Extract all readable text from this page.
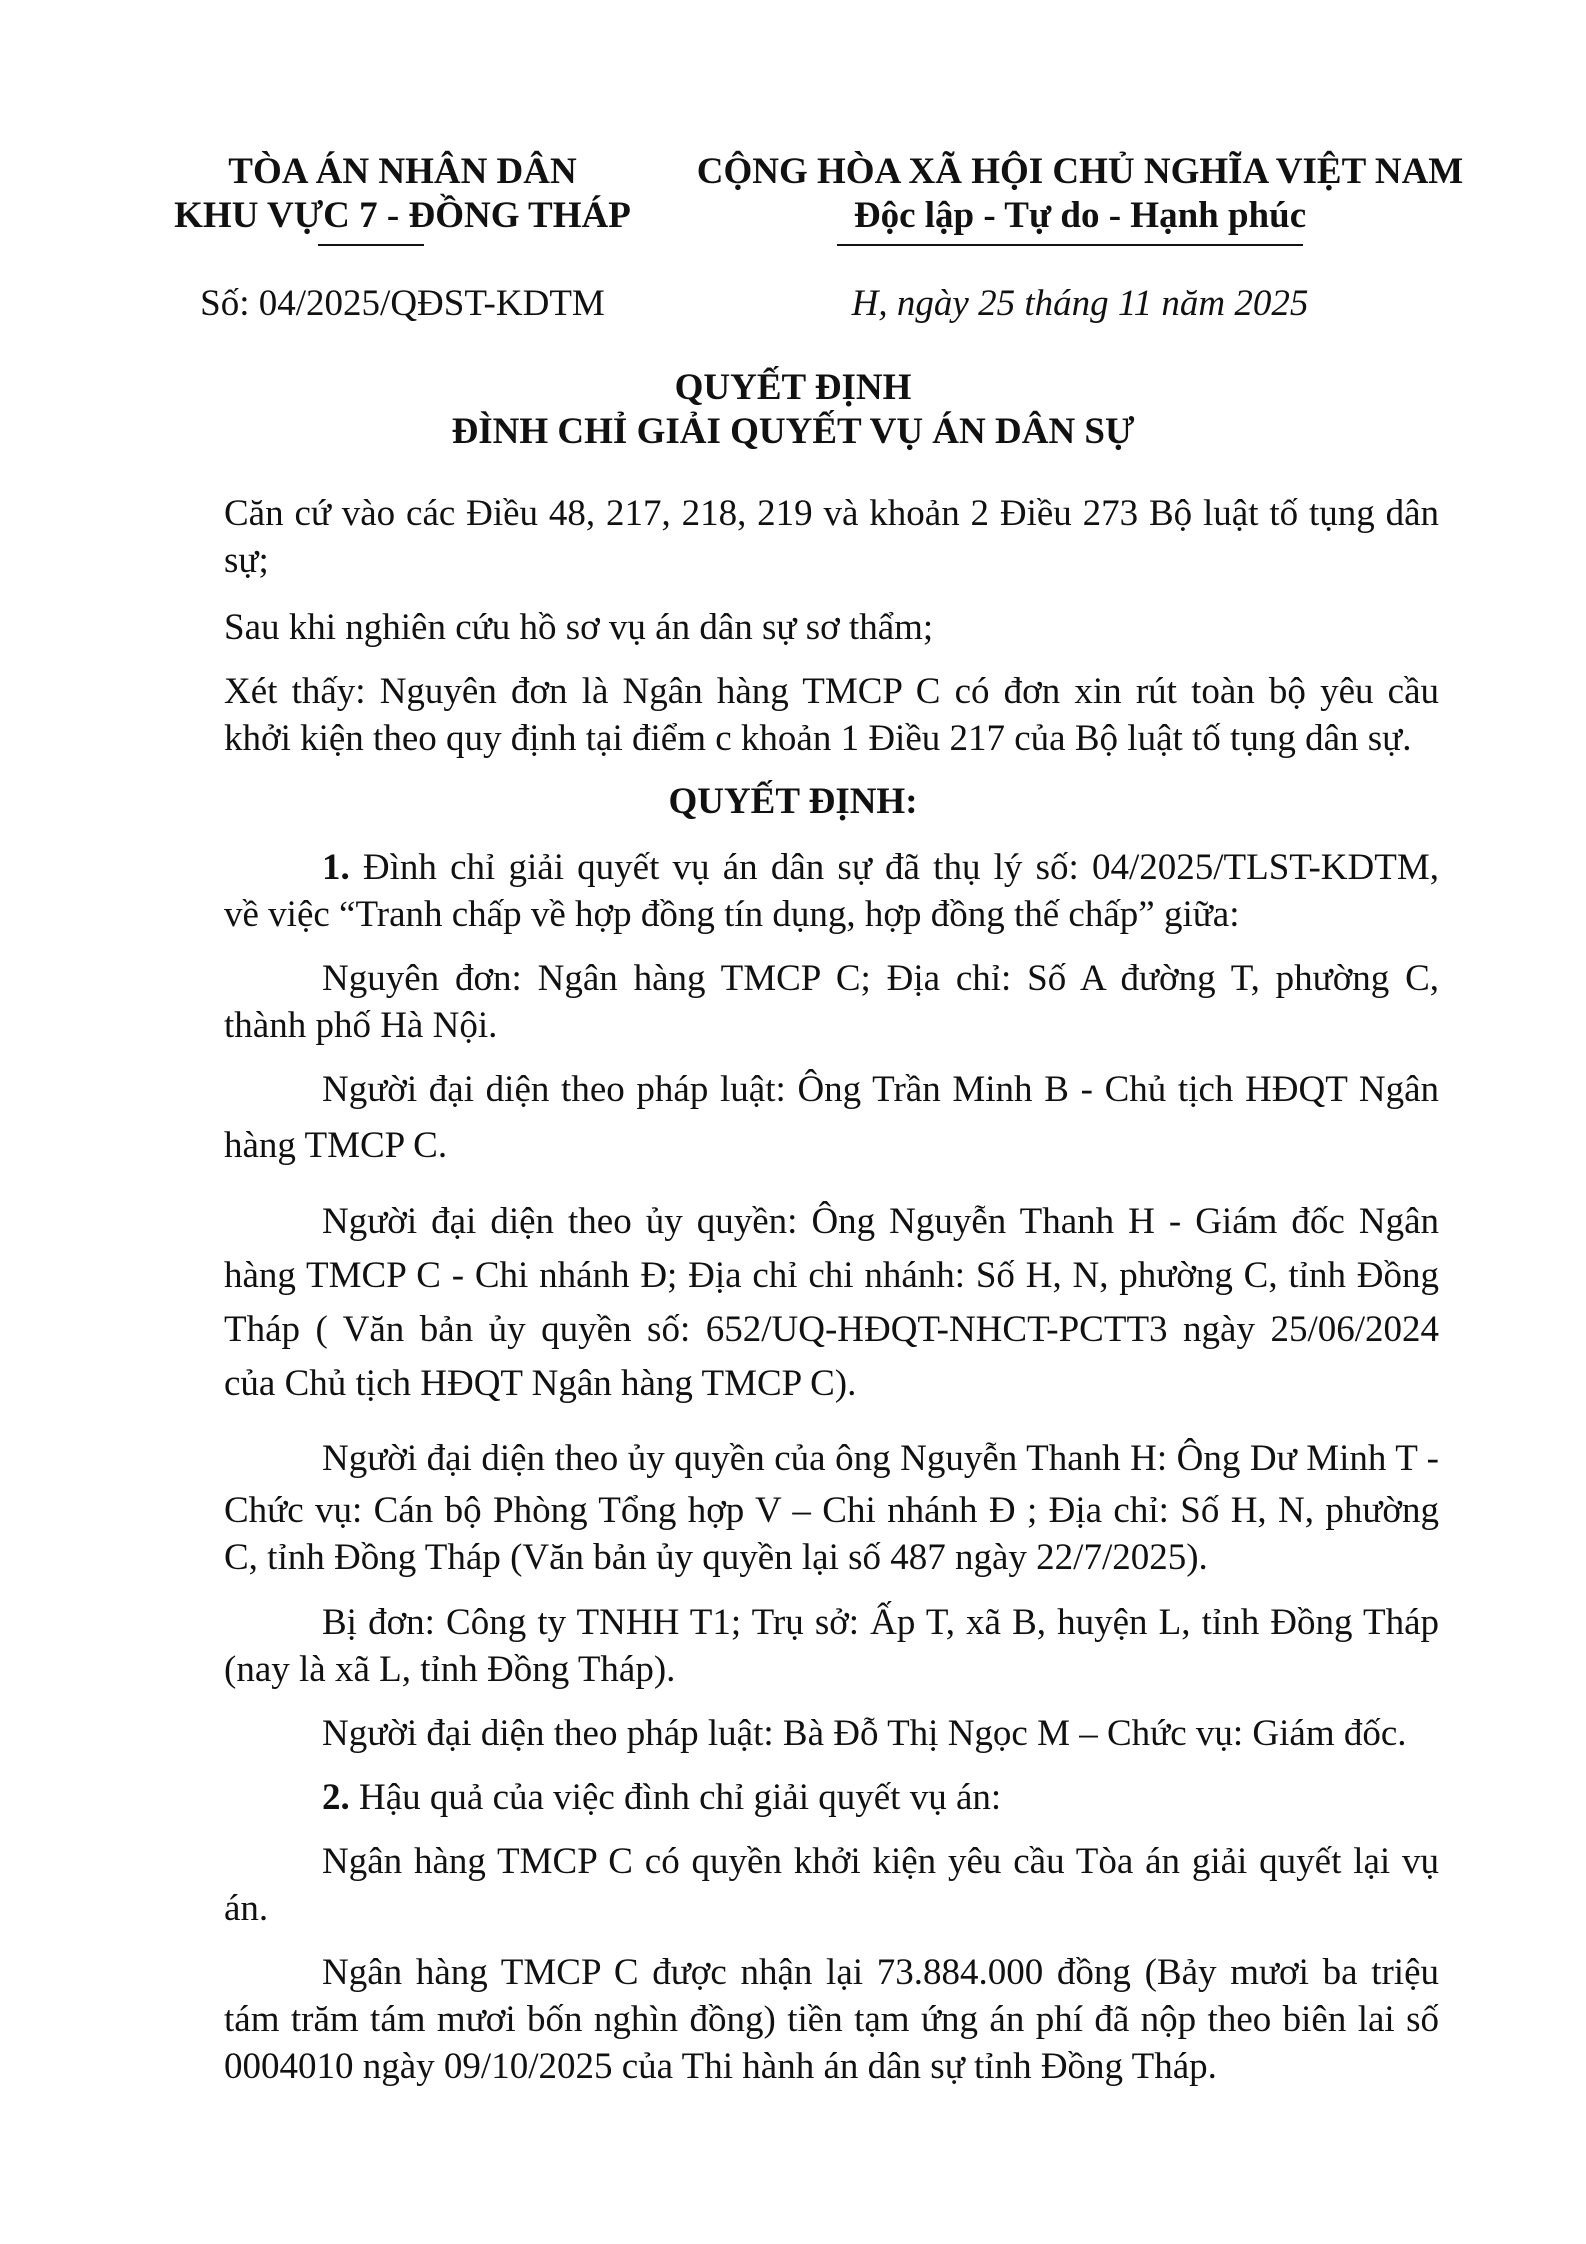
TÒA ÁN NHÂN DÂN
KHU VỰC 7 - ĐỒNG THÁP
CỘNG HÒA XÃ HỘI CHỦ NGHĨA VIỆT NAM
Độc lập - Tự do - Hạnh phúc
Số: 04/2025/QĐST-KDTM	H, ngày 25 tháng 11 năm 2025
QUYẾT ĐỊNH
ĐÌNH CHỈ GIẢI QUYẾT VỤ ÁN DÂN SỰ
Căn cứ vào các Điều 48, 217, 218, 219 và khoản 2 Điều 273 Bộ luật tố tụng dân
sự;
Sau khi nghiên cứu hồ sơ vụ án dân sự sơ thẩm;
Xét thấy: Nguyên đơn là Ngân hàng TMCP C có đơn xin rút toàn bộ yêu cầu
khởi kiện theo quy định tại điểm c khoản 1 Điều 217 của Bộ luật tố tụng dân sự.
QUYẾT ĐỊNH:
1. Đình chỉ giải quyết vụ án dân sự đã thụ lý số: 04/2025/TLST-KDTM,
về việc “Tranh chấp về hợp đồng tín dụng, hợp đồng thế chấp” giữa:
Nguyên đơn: Ngân hàng TMCP C; Địa chỉ: Số A đường T, phường C,
thành phố Hà Nội.
Người đại diện theo pháp luật: Ông Trần Minh B - Chủ tịch HĐQT Ngân
hàng TMCP C.
Người đại diện theo ủy quyền: Ông Nguyễn Thanh H - Giám đốc Ngân
hàng TMCP C - Chi nhánh Đ; Địa chỉ chi nhánh: Số H, N, phường C, tỉnh Đồng
Tháp ( Văn bản ủy quyền số: 652/UQ-HĐQT-NHCT-PCTT3 ngày 25/06/2024
của Chủ tịch HĐQT Ngân hàng TMCP C).
Người đại diện theo ủy quyền của ông Nguyễn Thanh H: Ông Dư Minh T -
Chức vụ: Cán bộ Phòng Tổng hợp V – Chi nhánh Đ ; Địa chỉ: Số H, N, phường
C, tỉnh Đồng Tháp (Văn bản ủy quyền lại số 487 ngày 22/7/2025).
Bị đơn: Công ty TNHH T1; Trụ sở: Ấp T, xã B, huyện L, tỉnh Đồng Tháp
(nay là xã L, tỉnh Đồng Tháp).
Người đại diện theo pháp luật: Bà Đỗ Thị Ngọc M – Chức vụ: Giám đốc.
2. Hậu quả của việc đình chỉ giải quyết vụ án:
Ngân hàng TMCP C có quyền khởi kiện yêu cầu Tòa án giải quyết lại vụ
án.
Ngân hàng TMCP C được nhận lại 73.884.000 đồng (Bảy mươi ba triệu
tám trăm tám mươi bốn nghìn đồng) tiền tạm ứng án phí đã nộp theo biên lai số
0004010 ngày 09/10/2025 của Thi hành án dân sự tỉnh Đồng Tháp.
